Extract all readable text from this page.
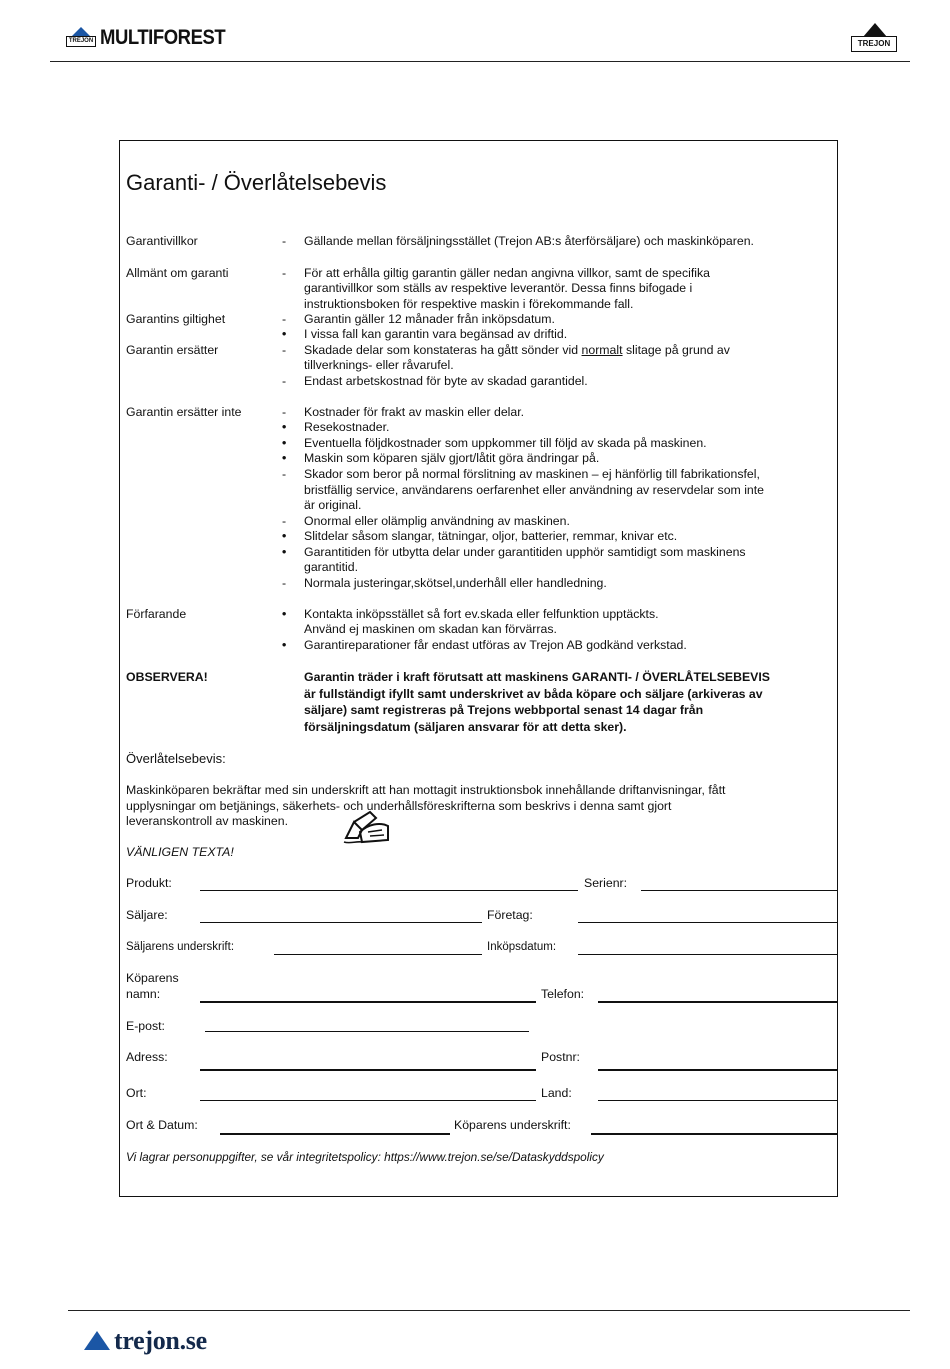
TREJON MULTIFOREST	TREJON
Garanti- / Överlåtelsebevis
Garantivillkor	- Gällande mellan försäljningsstället (Trejon AB:s återförsäljare) och maskinköparen.
Allmänt om garanti	- För att erhålla giltig garantin gäller nedan angivna villkor, samt de specifika
garantivillkor som ställs av respektive leverantör. Dessa finns bifogade i
instruktionsboken för respektive maskin i förekommande fall.
Garantins giltighet	- Garantin gäller 12 månader från inköpsdatum.
• I vissa fall kan garantin vara begänsad av driftid.
Garantin ersätter	- Skadade delar som konstateras ha gått sönder vid normalt slitage på grund av
tillverknings- eller råvarufel.
- Endast arbetskostnad för byte av skadad garantidel.
Garantin ersätter inte	- Kostnader för frakt av maskin eller delar.
• Resekostnader.
• Eventuella följdkostnader som uppkommer till följd av skada på maskinen.
• Maskin som köparen själv gjort/låtit göra ändringar på.
- Skador som beror på normal förslitning av maskinen – ej hänförlig till fabrikationsfel,
bristfällig service, användarens oerfarenhet eller användning av reservdelar som inte
är original.
- Onormal eller olämplig användning av maskinen.
• Slitdelar såsom slangar, tätningar, oljor, batterier, remmar, knivar etc.
• Garantitiden för utbytta delar under garantitiden upphör samtidigt som maskinens
garantitid.
- Normala justeringar,skötsel,underhåll eller handledning.
Förfarande	• Kontakta inköpsstället så fort ev.skada eller felfunktion upptäckts.
Använd ej maskinen om skadan kan förvärras.
• Garantireparationer får endast utföras av Trejon AB godkänd verkstad.
OBSERVERA!	Garantin träder i kraft förutsatt att maskinens GARANTI- / ÖVERLÅTELSEBEVIS
är fullständigt ifyllt samt underskrivet av båda köpare och säljare (arkiveras av
säljare) samt registreras på Trejons webbportal senast 14 dagar från
försäljningsdatum (säljaren ansvarar för att detta sker).
Överlåtelsebevis:
Maskinköparen bekräftar med sin underskrift att han mottagit instruktionsbok innehållande driftanvisningar, fått
upplysningar om betjänings, säkerhets- och underhållsföreskrifterna som beskrivs i denna samt gjort
leveranskontroll av maskinen.
VÄNLIGEN TEXTA!
Produkt:	Serienr:
Säljare:	Företag:
Säljarens underskrift:	Inköpsdatum:
Köparens
namn:	Telefon:
E-post:
Adress:	Postnr:
Ort:	Land:
Ort & Datum:	Köparens underskrift:
Vi lagrar personuppgifter, se vår integritetspolicy: https://www.trejon.se/se/Dataskyddspolicy
trejon.se
